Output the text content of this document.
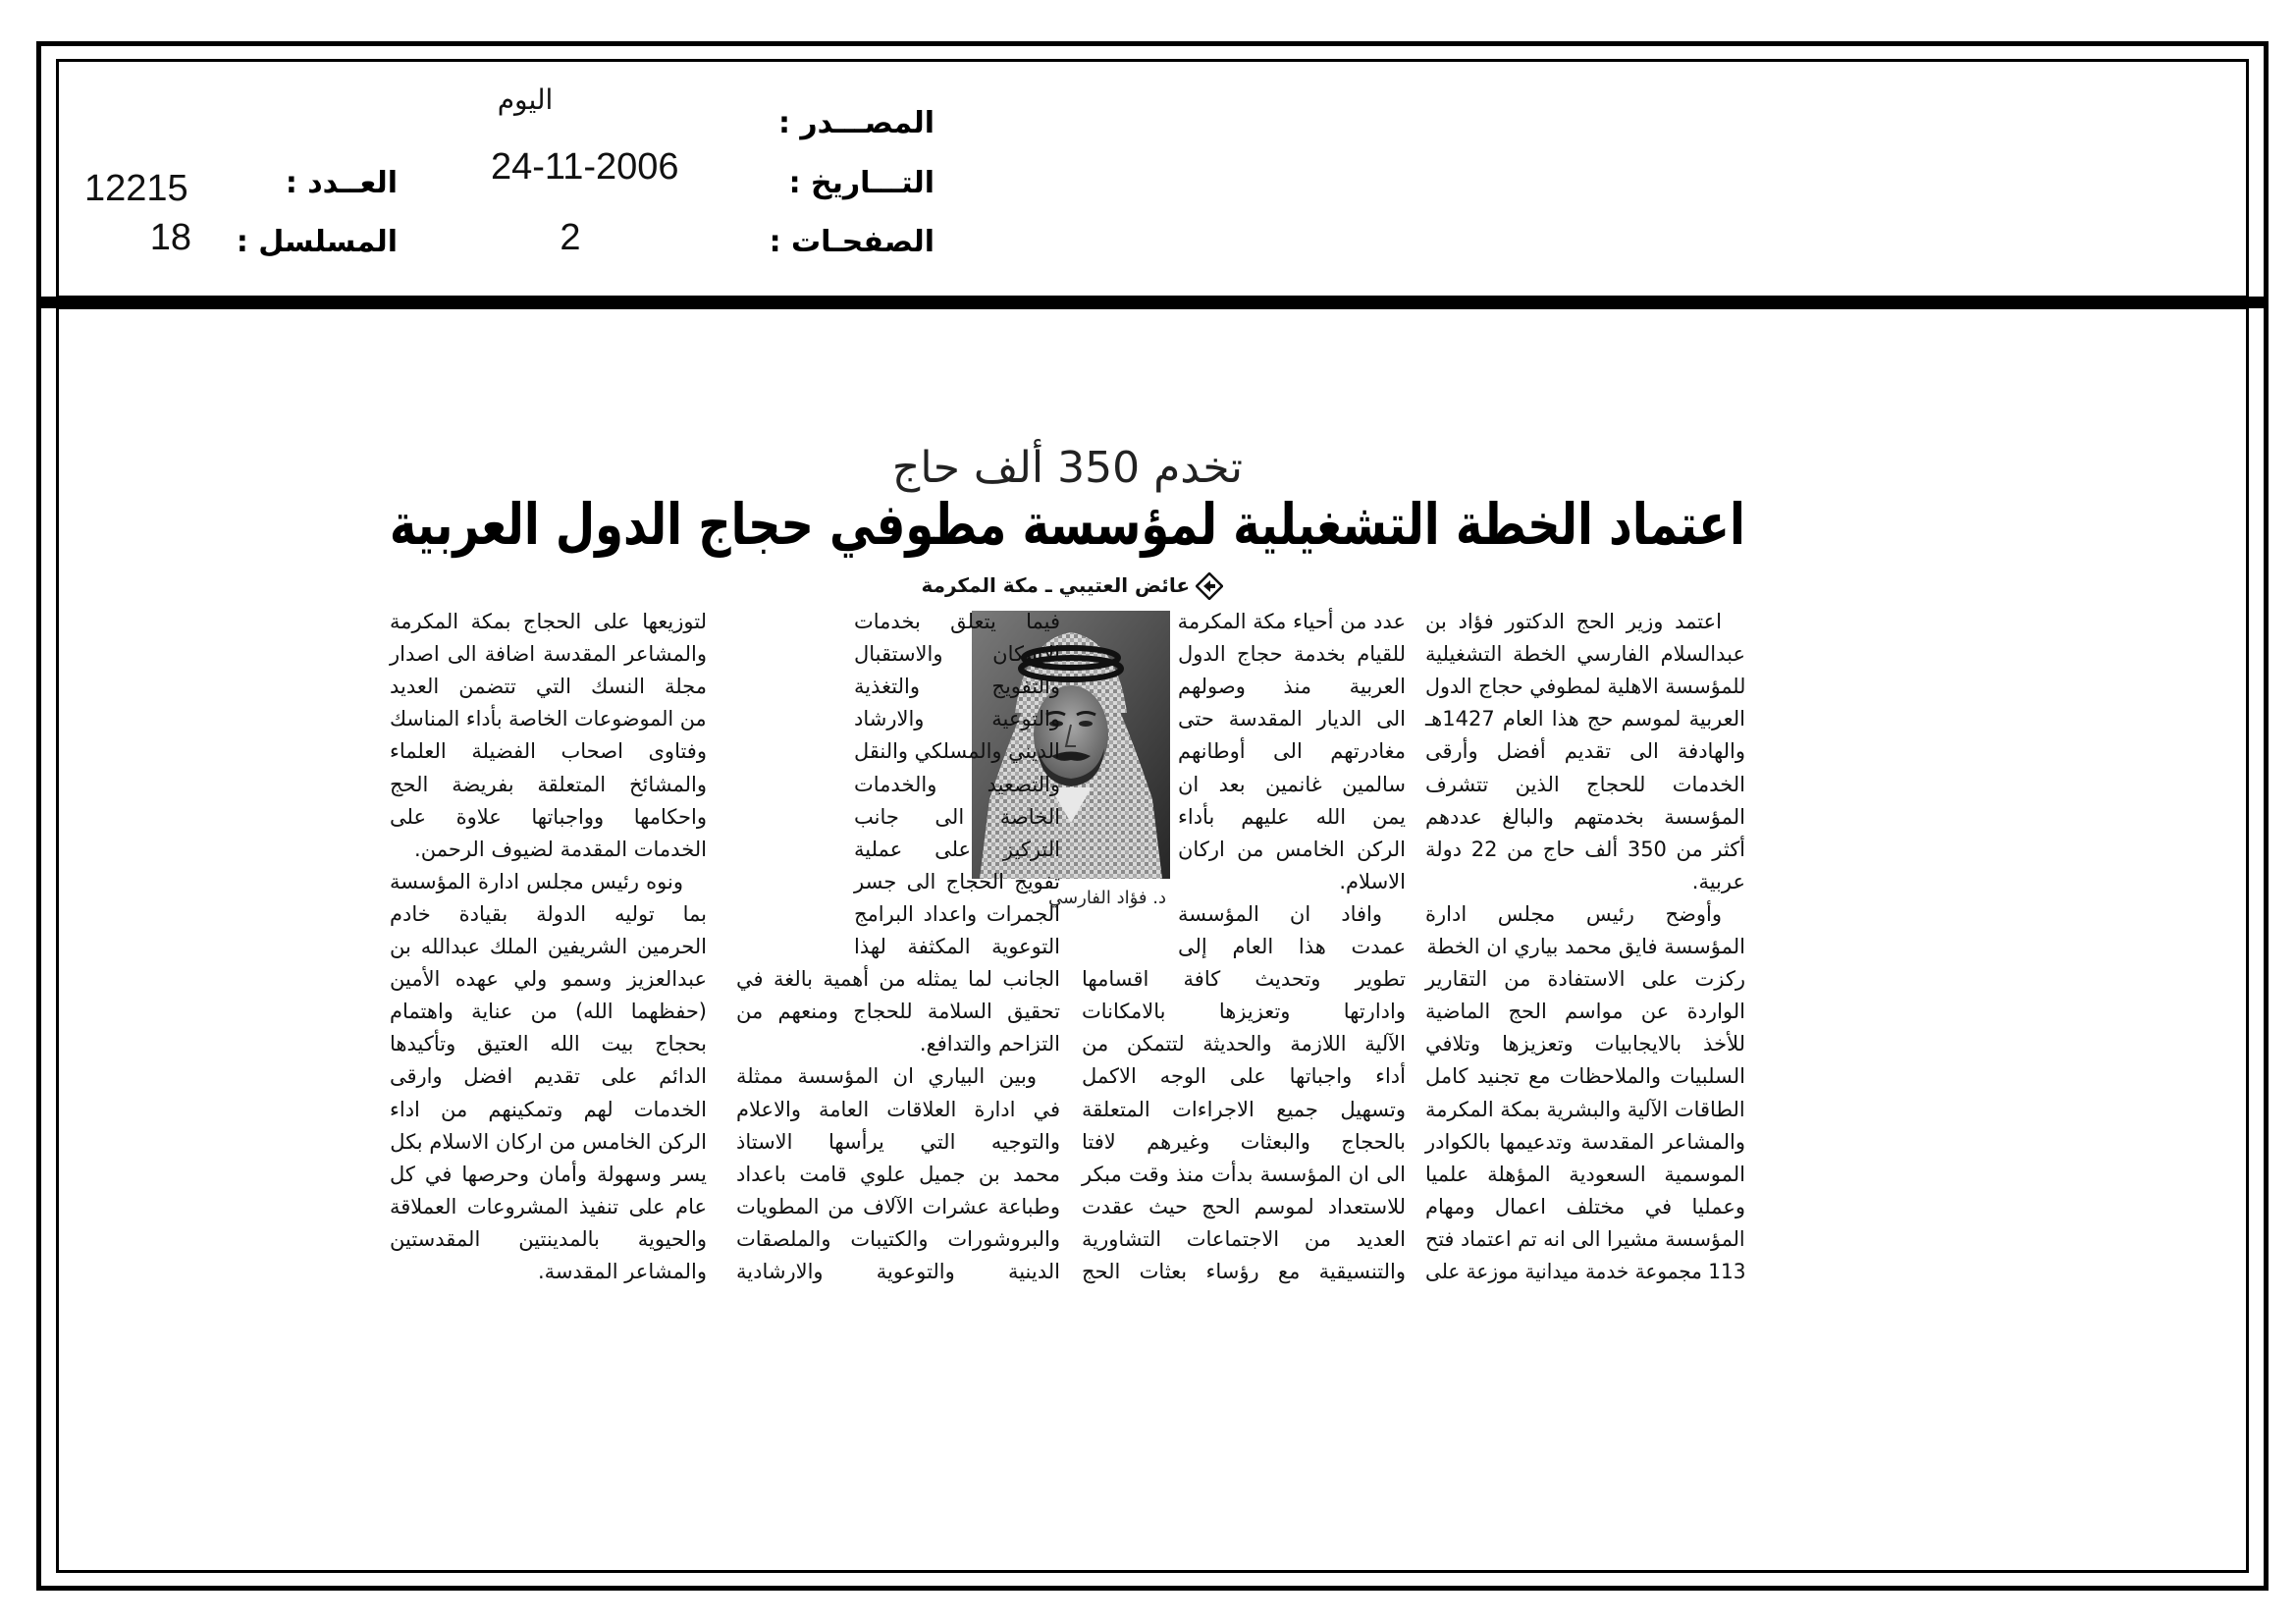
اليوم
المصـــدر :
24-11-2006	التـــاريخ :
2	الصفحـات :
12215	العــدد :
18	المسلسل :
تخدم 350 ألف حاج
اعتماد الخطة التشغيلية لمؤسسة مطوفي حجاج الدول العربية
عائض العتيبي ـ مكة المكرمة
د. فؤاد الفارسي
اعتمد وزير الحج الدكتور فؤاد بن
عبدالسلام الفارسي الخطة التشغيلية
للمؤسسة الاهلية لمطوفي حجاج الدول
العربية لموسم حج هذا العام 1427هـ
والهادفة الى تقديم أفضل وأرقى
الخدمات للحجاج الذين تتشرف
المؤسسة بخدمتهم والبالغ عددهم
أكثر من 350 ألف حاج من 22 دولة
عربية.
وأوضح رئيس مجلس ادارة
المؤسسة فايق محمد بياري ان الخطة
ركزت على الاستفادة من التقارير
الواردة عن مواسم الحج الماضية
للأخذ بالايجابيات وتعزيزها وتلافي
السلبيات والملاحظات مع تجنيد كامل
الطاقات الآلية والبشرية بمكة المكرمة
والمشاعر المقدسة وتدعيمها بالكوادر
الموسمية السعودية المؤهلة علميا
وعمليا في مختلف اعمال ومهام
المؤسسة مشيرا الى انه تم اعتماد فتح
113 مجموعة خدمة ميدانية موزعة على
عدد من أحياء مكة المكرمة
للقيام بخدمة حجاج الدول
العربية منذ وصولهم
الى الديار المقدسة حتى
مغادرتهم الى أوطانهم
سالمين غانمين بعد ان
يمن الله عليهم بأداء
الركن الخامس من اركان
الاسلام.
وافاد ان المؤسسة
عمدت هذا العام إلى
تطوير وتحديث كافة اقسامها
وادارتها وتعزيزها بالامكانات
الآلية اللازمة والحديثة لتتمكن من
أداء واجباتها على الوجه الاكمل
وتسهيل جميع الاجراءات المتعلقة
بالحجاج والبعثات وغيرهم لافتا
الى ان المؤسسة بدأت منذ وقت مبكر
للاستعداد لموسم الحج حيث عقدت
العديد من الاجتماعات التشاورية
والتنسيقية مع رؤساء بعثات الحج
فيما يتعلق بخدمات
الاسكان والاستقبال
والتفويج والتغذية
والتوعية والارشاد
الديني والمسلكي والنقل
والتصعيد والخدمات
الخاصة الى جانب
التركيز على عملية
تفويج الحجاج الى جسر
الجمرات واعداد البرامج
التوعوية المكثفة لهذا
الجانب لما يمثله من أهمية بالغة في
تحقيق السلامة للحجاج ومنعهم من
التزاحم والتدافع.
وبين البياري ان المؤسسة ممثلة
في ادارة العلاقات العامة والاعلام
والتوجيه التي يرأسها الاستاذ
محمد بن جميل علوي قامت باعداد
وطباعة عشرات الآلاف من المطويات
والبروشورات والكتيبات والملصقات
الدينية والتوعوية والارشادية
لتوزيعها على الحجاج بمكة المكرمة
والمشاعر المقدسة اضافة الى اصدار
مجلة النسك التي تتضمن العديد
من الموضوعات الخاصة بأداء المناسك
وفتاوى اصحاب الفضيلة العلماء
والمشائخ المتعلقة بفريضة الحج
واحكامها وواجباتها علاوة على
الخدمات المقدمة لضيوف الرحمن.
ونوه رئيس مجلس ادارة المؤسسة
بما توليه الدولة بقيادة خادم
الحرمين الشريفين الملك عبدالله بن
عبدالعزيز وسمو ولي عهده الأمين
(حفظهما الله) من عناية واهتمام
بحجاج بيت الله العتيق وتأكيدها
الدائم على تقديم افضل وارقى
الخدمات لهم وتمكينهم من اداء
الركن الخامس من اركان الاسلام بكل
يسر وسهولة وأمان وحرصها في كل
عام على تنفيذ المشروعات العملاقة
والحيوية بالمدينتين المقدستين
والمشاعر المقدسة.
